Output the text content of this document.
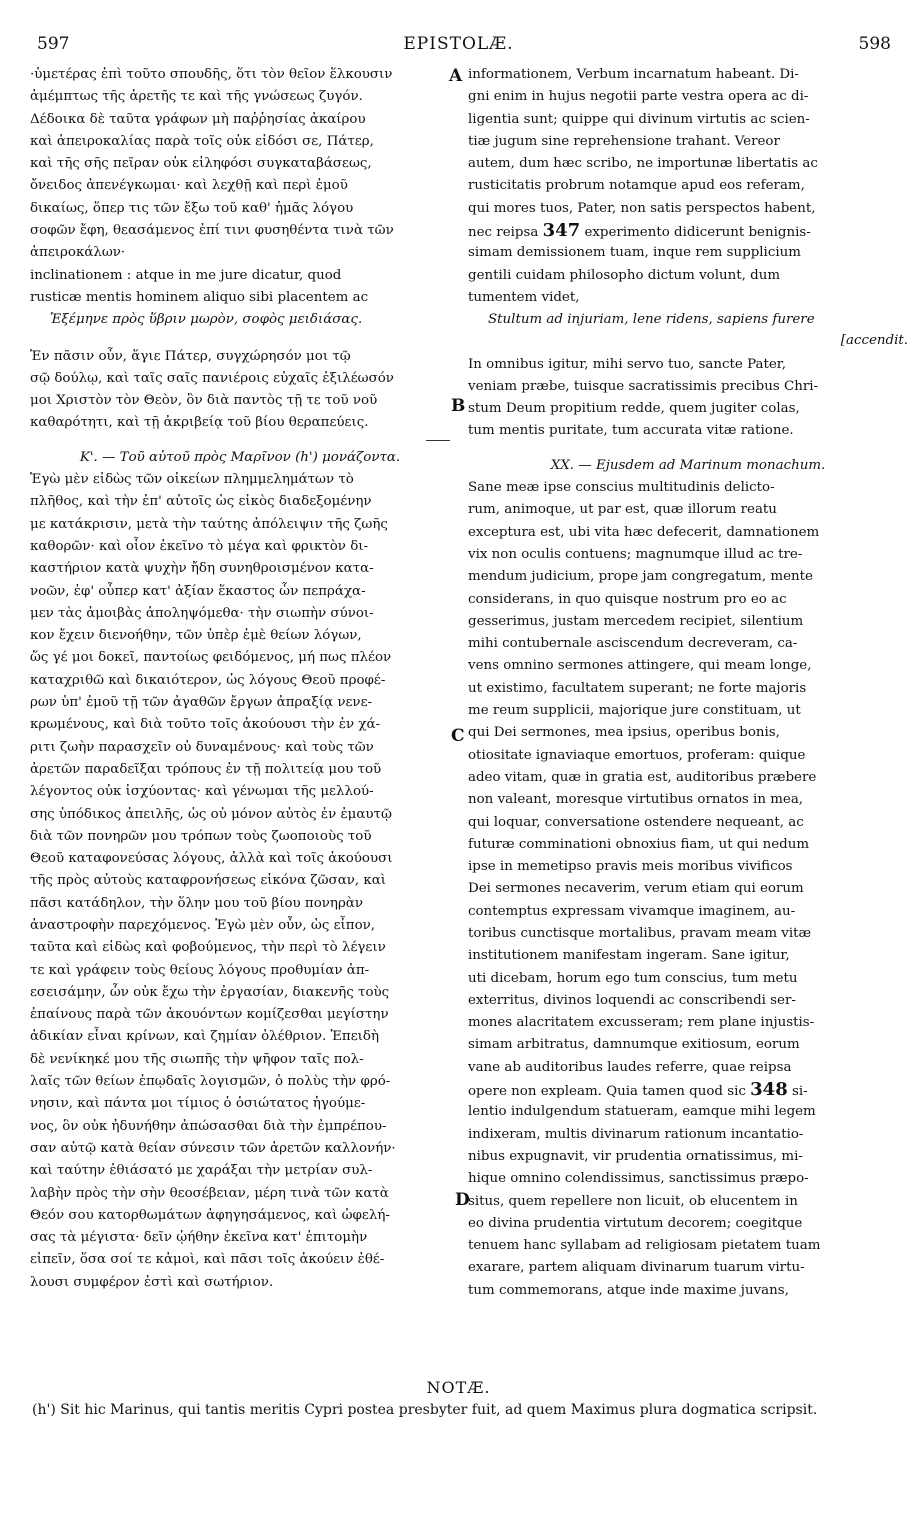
597	EPISTOLÆ.	598
A
B
C
D
·ὑμετέρας ἐπὶ τοῦτο σπουδῆς, ὅτι τὸν θεῖον ἕλκουσιν
ἀμέμπτως τῆς ἀρετῆς τε καὶ τῆς γνώσεως ζυγόν.
Δέδοικα δὲ ταῦτα γράφων μὴ παῤῥησίας ἀκαίρου
καὶ ἀπειροκαλίας παρὰ τοῖς οὐκ εἰδόσι σε, Πάτερ,
καὶ τῆς σῆς πεῖραν οὐκ εἰληφόσι συγκαταβάσεως,
ὄνειδος ἀπενέγκωμαι· καὶ λεχθῇ καὶ περὶ ἐμοῦ
δικαίως, ὅπερ τις τῶν ἔξω τοῦ καθ' ἡμᾶς λόγου
σοφῶν ἔφη, θεασάμενος ἐπί τινι φυσηθέντα τινὰ τῶν
ἀπειροκάλων·
inclinationem : atque in me jure dicatur, quod
rusticæ mentis hominem aliquo sibi placentem ac
Ἐξέμηνε πρὸς ὕβριν μωρὸν, σοφὸς μειδιάσας.
Ἐν πᾶσιν οὖν, ἅγιε Πάτερ, συγχώρησόν μοι τῷ
σῷ δούλῳ, καὶ ταῖς σαῖς πανιέροις εὐχαῖς ἐξιλέωσόν
μοι Χριστὸν τὸν Θεὸν, ὃν διὰ παντὸς τῇ τε τοῦ νοῦ
καθαρότητι, καὶ τῇ ἀκριβείᾳ τοῦ βίου θεραπεύεις.
Κ'. — Τοῦ αὐτοῦ πρὸς Μαρῖνον (h') μονάζοντα.
Ἐγὼ μὲν εἰδὼς τῶν οἰκείων πλημμελημάτων τὸ
πλῆθος, καὶ τὴν ἐπ' αὐτοῖς ὡς εἰκὸς διαδεξομένην
με κατάκρισιν, μετὰ τὴν ταύτης ἀπόλειψιν τῆς ζωῆς
καθορῶν· καὶ οἷον ἐκεῖνο τὸ μέγα καὶ φρικτὸν δι-
καστήριον κατὰ ψυχὴν ἤδη συνηθροισμένον κατα-
νοῶν, ἐφ' οὗπερ κατ' ἀξίαν ἕκαστος ὧν πεπράχα-
μεν τὰς ἀμοιβὰς ἀποληψόμεθα· τὴν σιωπὴν σύνοι-
κον ἔχειν διενοήθην, τῶν ὑπὲρ ἐμὲ θείων λόγων,
ὥς γέ μοι δοκεῖ, παντοίως φειδόμενος, μή πως πλέον
καταχριθῶ καὶ δικαιότερον, ὡς λόγους Θεοῦ προφέ-
ρων ὑπ' ἐμοῦ τῇ τῶν ἀγαθῶν ἔργων ἀπραξίᾳ νενε-
κρωμένους, καὶ διὰ τοῦτο τοῖς ἀκούουσι τὴν ἐν χά-
ριτι ζωὴν παρασχεῖν οὐ δυναμένους· καὶ τοὺς τῶν
ἀρετῶν παραδεῖξαι τρόπους ἐν τῇ πολιτείᾳ μου τοῦ
λέγοντος οὐκ ἰσχύοντας· καὶ γένωμαι τῆς μελλού-
σης ὑπόδικος ἀπειλῆς, ὡς οὐ μόνον αὐτὸς ἐν ἐμαυτῷ
διὰ τῶν πονηρῶν μου τρόπων τοὺς ζωοποιοὺς τοῦ
Θεοῦ καταφονεύσας λόγους, ἀλλὰ καὶ τοῖς ἀκούουσι
τῆς πρὸς αὐτοὺς καταφρονήσεως εἰκόνα ζῶσαν, καὶ
πᾶσι κατάδηλον, τὴν ὅλην μου τοῦ βίου πονηρὰν
ἀναστροφὴν παρεχόμενος. Ἐγὼ μὲν οὖν, ὡς εἶπον,
ταῦτα καὶ εἰδὼς καὶ φοβούμενος, τὴν περὶ τὸ λέγειν
τε καὶ γράφειν τοὺς θείους λόγους προθυμίαν ἀπ-
εσεισάμην, ὧν οὐκ ἔχω τὴν ἐργασίαν, διακενῆς τοὺς
ἐπαίνους παρὰ τῶν ἀκουόντων κομίζεσθαι μεγίστην
ἀδικίαν εἶναι κρίνων, καὶ ζημίαν ὀλέθριον. Ἐπειδὴ
δὲ νενίκηκέ μου τῆς σιωπῆς τὴν ψῆφον ταῖς πολ-
λαῖς τῶν θείων ἐπῳδαῖς λογισμῶν, ὁ πολὺς τὴν φρό-
νησιν, καὶ πάντα μοι τίμιος ὁ ὁσιώτατος ἡγούμε-
νος, ὃν οὐκ ἠδυνήθην ἀπώσασθαι διὰ τὴν ἐμπρέπου-
σαν αὐτῷ κατὰ θείαν σύνεσιν τῶν ἀρετῶν καλλονήν·
καὶ ταύτην ἐθιάσατό με χαράξαι τὴν μετρίαν συλ-
λαβὴν πρὸς τὴν σὴν θεοσέβειαν, μέρη τινὰ τῶν κατὰ
Θεόν σου κατορθωμάτων ἀφηγησάμενος, καὶ ὠφελή-
σας τὰ μέγιστα· δεῖν ᾠήθην ἐκεῖνα κατ' ἐπιτομὴν
εἰπεῖν, ὅσα σοί τε κἀμοὶ, καὶ πᾶσι τοῖς ἀκούειν ἐθέ-
λουσι συμφέρον ἐστὶ καὶ σωτήριον.
informationem, Verbum incarnatum habeant. Di-
gni enim in hujus negotii parte vestra opera ac di-
ligentia sunt; quippe qui divinum virtutis ac scien-
tiæ jugum sine reprehensione trahant. Vereor
autem, dum hæc scribo, ne importunæ libertatis ac
rusticitatis probrum notamque apud eos referam,
qui mores tuos, Pater, non satis perspectos habent,
nec reipsa 347 experimento didicerunt benignis-
simam demissionem tuam, inque rem supplicium
gentili cuidam philosopho dictum volunt, dum
tumentem videt,
Stultum ad injuriam, lene ridens, sapiens furere
[accendit.
In omnibus igitur, mihi servo tuo, sancte Pater,
veniam præbe, tuisque sacratissimis precibus Chri-
stum Deum propitium redde, quem jugiter colas,
tum mentis puritate, tum accurata vitæ ratione.
XX. — Ejusdem ad Marinum monachum.
Sane meæ ipse conscius multitudinis delicto-
rum, animoque, ut par est, quæ illorum reatu
exceptura est, ubi vita hæc defecerit, damnationem
vix non oculis contuens; magnumque illud ac tre-
mendum judicium, prope jam congregatum, mente
considerans, in quo quisque nostrum pro eo ac
gesserimus, justam mercedem recipiet, silentium
mihi contubernale asciscendum decreveram, ca-
vens omnino sermones attingere, qui meam longe,
ut existimo, facultatem superant; ne forte majoris
me reum supplicii, majorique jure constituam, ut
qui Dei sermones, mea ipsius, operibus bonis,
otiositate ignaviaque emortuos, proferam: quique
adeo vitam, quæ in gratia est, auditoribus præbere
non valeant, moresque virtutibus ornatos in mea,
qui loquar, conversatione ostendere nequeant, ac
futuræ comminationi obnoxius fiam, ut qui nedum
ipse in memetipso pravis meis moribus vivificos
Dei sermones necaverim, verum etiam qui eorum
contemptus expressam vivamque imaginem, au-
toribus cunctisque mortalibus, pravam meam vitæ
institutionem manifestam ingeram. Sane igitur,
uti dicebam, horum ego tum conscius, tum metu
exterritus, divinos loquendi ac conscribendi ser-
mones alacritatem excusseram; rem plane injustis-
simam arbitratus, damnumque exitiosum, eorum
vane ab auditoribus laudes referre, quae reipsa
opere non expleam. Quia tamen quod sic 348 si-
lentio indulgendum statueram, eamque mihi legem
indixeram, multis divinarum rationum incantatio-
nibus expugnavit, vir prudentia ornatissimus, mi-
hique omnino colendissimus, sanctissimus præpo-
situs, quem repellere non licuit, ob elucentem in
eo divina prudentia virtutum decorem; coegitque
tenuem hanc syllabam ad religiosam pietatem tuam
exarare, partem aliquam divinarum tuarum virtu-
tum commemorans, atque inde maxime juvans,
NOTÆ.
(h') Sit hic Marinus, qui tantis meritis Cypri postea presbyter fuit, ad quem Maximus plura dogmatica scripsit.
